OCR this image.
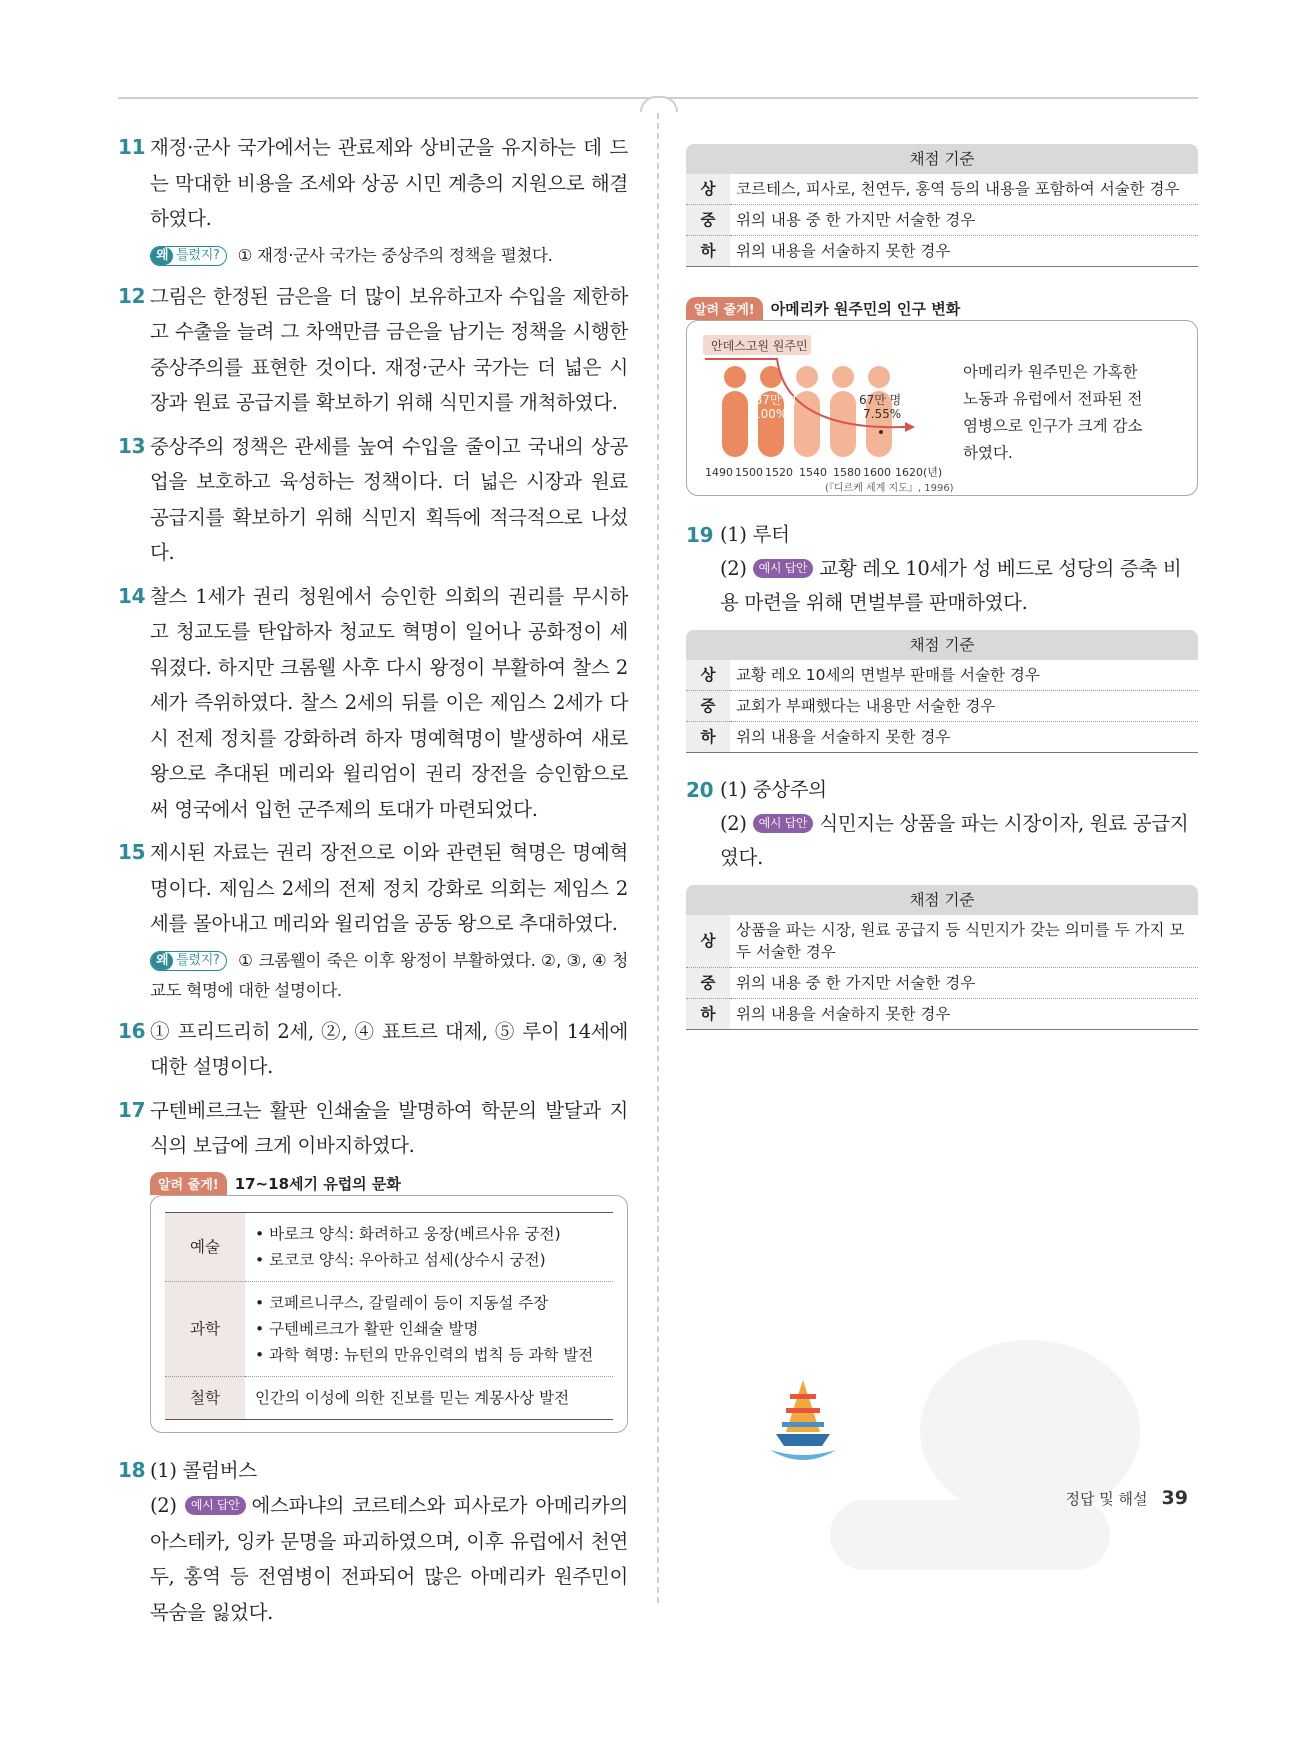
11 재정·군사 국가에서는 관료제와 상비군을 유지하는 데 드는 막대한 비용을 조세와 상공 시민 계층의 지원으로 해결하였다.
왜 틀렸지? ① 재정·군사 국가는 중상주의 정책을 펼쳤다.
12 그림은 한정된 금은을 더 많이 보유하고자 수입을 제한하고 수출을 늘려 그 차액만큼 금은을 남기는 정책을 시행한 중상주의를 표현한 것이다. 재정·군사 국가는 더 넓은 시장과 원료 공급지를 확보하기 위해 식민지를 개척하였다.
13 중상주의 정책은 관세를 높여 수입을 줄이고 국내의 상공업을 보호하고 육성하는 정책이다. 더 넓은 시장과 원료 공급지를 확보하기 위해 식민지 획득에 적극적으로 나섰다.
14 찰스 1세가 권리 청원에서 승인한 의회의 권리를 무시하고 청교도를 탄압하자 청교도 혁명이 일어나 공화정이 세워졌다. 하지만 크롬웰 사후 다시 왕정이 부활하여 찰스 2세가 즉위하였다. 찰스 2세의 뒤를 이은 제임스 2세가 다시 전제 정치를 강화하려 하자 명예혁명이 발생하여 새로 왕으로 추대된 메리와 윌리엄이 권리 장전을 승인함으로써 영국에서 입헌 군주제의 토대가 마련되었다.
15 제시된 자료는 권리 장전으로 이와 관련된 혁명은 명예혁명이다. 제임스 2세의 전제 정치 강화로 의회는 제임스 2세를 몰아내고 메리와 윌리엄을 공동 왕으로 추대하였다.
왜 틀렸지? ① 크롬웰이 죽은 이후 왕정이 부활하였다. ②, ③, ④ 청교도 혁명에 대한 설명이다.
16 ① 프리드리히 2세, ②, ④ 표트르 대제, ⑤ 루이 14세에 대한 설명이다.
17 구텐베르크는 활판 인쇄술을 발명하여 학문의 발달과 지식의 보급에 크게 이바지하였다.
알려 줄게!	17~18세기 유럽의 문화
예술	• 바로크 양식: 화려하고 웅장(베르사유 궁전)
• 로코코 양식: 우아하고 섬세(상수시 궁전)

과학	• 코페르니쿠스, 갈릴레이 등이 지동설 주장
• 구텐베르크가 활판 인쇄술 발명
• 과학 혁명: 뉴턴의 만유인력의 법칙 등 과학 발전

철학	인간의 이성에 의한 진보를 믿는 계몽사상 발전
18 (1) 콜럼버스
(2) 예시 답안 에스파냐의 코르테스와 피사로가 아메리카의 아스테카, 잉카 문명을 파괴하였으며, 이후 유럽에서 천연두, 홍역 등 전염병이 전파되어 많은 아메리카 원주민이 목숨을 잃었다.
채점 기준	
상	코르테스, 피사로, 천연두, 홍역 등의 내용을 포함하여 서술한 경우
중	위의 내용 중 한 가지만 서술한 경우
하	위의 내용을 서술하지 못한 경우
알려 줄게!	아메리카 원주민의 인구 변화
안데스고원 원주민
887만 명
100%
67만 명
7.55%
1490 1500 1520 1540 1580 1600 1620(년)
(『디르케 세계 지도』, 1996)
아메리카 원주민은 가혹한 노동과 유럽에서 전파된 전염병으로 인구가 크게 감소하였다.
19 (1) 루터
(2) 예시 답안 교황 레오 10세가 성 베드로 성당의 증축 비용 마련을 위해 면벌부를 판매하였다.
채점 기준	
상	교황 레오 10세의 면벌부 판매를 서술한 경우
중	교회가 부패했다는 내용만 서술한 경우
하	위의 내용을 서술하지 못한 경우
20 (1) 중상주의
(2) 예시 답안 식민지는 상품을 파는 시장이자, 원료 공급지였다.
채점 기준	
상	상품을 파는 시장, 원료 공급지 등 식민지가 갖는 의미를 두 가지 모두 서술한 경우
중	위의 내용 중 한 가지만 서술한 경우
하	위의 내용을 서술하지 못한 경우
정답 및 해설 39
